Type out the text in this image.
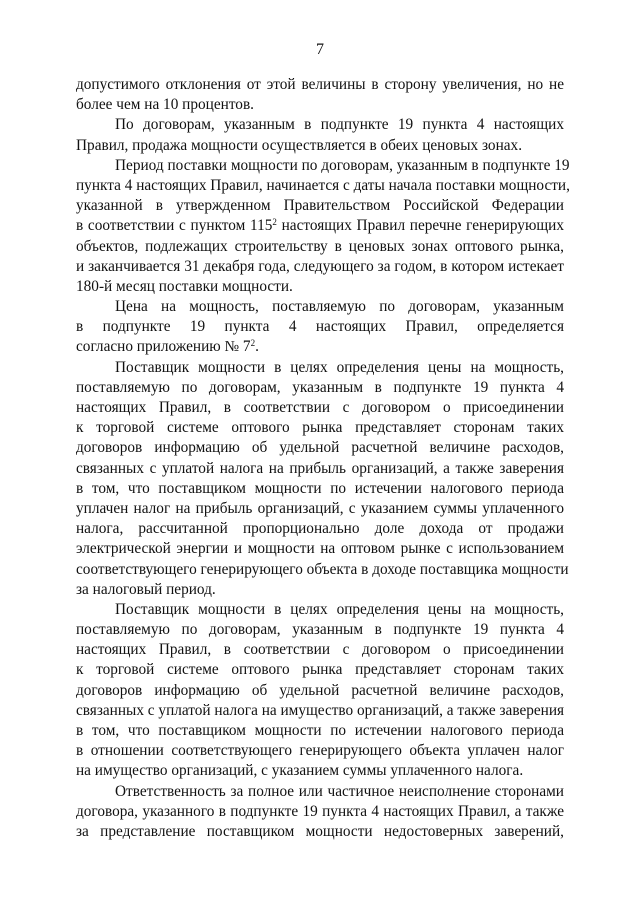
7
допустимого отклонения от этой величины в сторону увеличения, но не
более чем на 10 процентов.
По договорам, указанным в подпункте 19 пункта 4 настоящих
Правил, продажа мощности осуществляется в обеих ценовых зонах.
Период поставки мощности по договорам, указанным в подпункте 19
пункта 4 настоящих Правил, начинается с даты начала поставки мощности,
указанной в утвержденном Правительством Российской Федерации
в соответствии с пунктом $115^2$ настоящих Правил перечне генерирующих
объектов, подлежащих строительству в ценовых зонах оптового рынка,
и заканчивается 31 декабря года, следующего за годом, в котором истекает
180-й месяц поставки мощности.
Цена на мощность, поставляемую по договорам, указанным
в подпункте 19 пункта 4 настоящих Правил, определяется
согласно приложению № $7^2$.
Поставщик мощности в целях определения цены на мощность,
поставляемую по договорам, указанным в подпункте 19 пункта 4
настоящих Правил, в соответствии с договором о присоединении
к торговой системе оптового рынка представляет сторонам таких
договоров информацию об удельной расчетной величине расходов,
связанных с уплатой налога на прибыль организаций, а также заверения
в том, что поставщиком мощности по истечении налогового периода
уплачен налог на прибыль организаций, с указанием суммы уплаченного
налога, рассчитанной пропорционально доле дохода от продажи
электрической энергии и мощности на оптовом рынке с использованием
соответствующего генерирующего объекта в доходе поставщика мощности
за налоговый период.
Поставщик мощности в целях определения цены на мощность,
поставляемую по договорам, указанным в подпункте 19 пункта 4
настоящих Правил, в соответствии с договором о присоединении
к торговой системе оптового рынка представляет сторонам таких
договоров информацию об удельной расчетной величине расходов,
связанных с уплатой налога на имущество организаций, а также заверения
в том, что поставщиком мощности по истечении налогового периода
в отношении соответствующего генерирующего объекта уплачен налог
на имущество организаций, с указанием суммы уплаченного налога.
Ответственность за полное или частичное неисполнение сторонами
договора, указанного в подпункте 19 пункта 4 настоящих Правил, а также
за представление поставщиком мощности недостоверных заверений,
